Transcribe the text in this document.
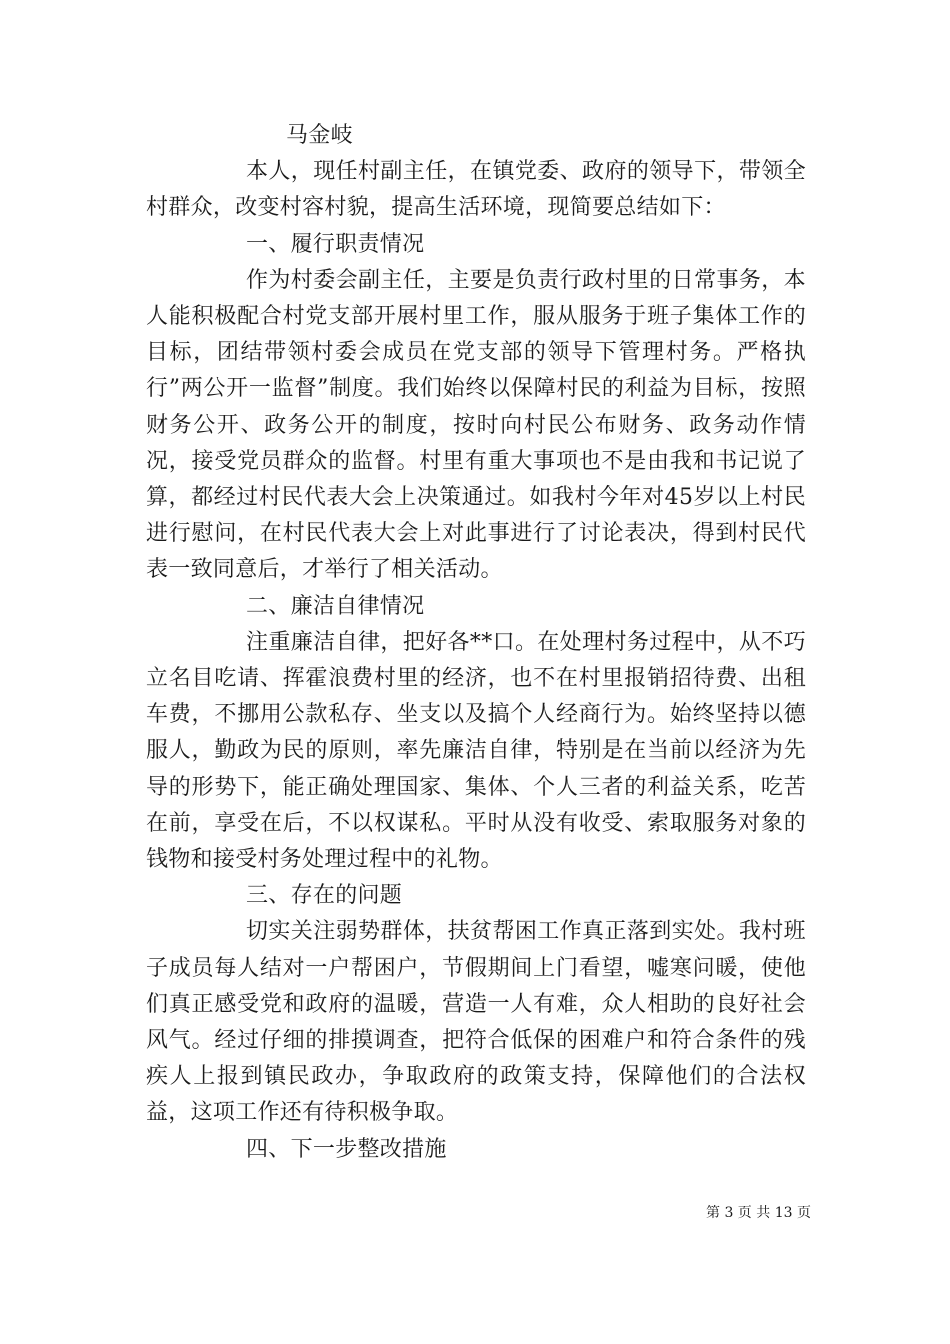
马金岐

本人，现任村副主任，在镇党委、政府的领导下，带领全村群众，改变村容村貌，提高生活环境，现简要总结如下：

一、履行职责情况

作为村委会副主任，主要是负责行政村里的日常事务，本人能积极配合村党支部开展村里工作，服从服务于班子集体工作的目标，团结带领村委会成员在党支部的领导下管理村务。严格执行”两公开一监督”制度。我们始终以保障村民的利益为目标，按照财务公开、政务公开的制度，按时向村民公布财务、政务动作情况，接受党员群众的监督。村里有重大事项也不是由我和书记说了算，都经过村民代表大会上决策通过。如我村今年对45岁以上村民进行慰问，在村民代表大会上对此事进行了讨论表决，得到村民代表一致同意后，才举行了相关活动。

二、廉洁自律情况

注重廉洁自律，把好各**口。在处理村务过程中，从不巧立名目吃请、挥霍浪费村里的经济，也不在村里报销招待费、出租车费，不挪用公款私存、坐支以及搞个人经商行为。始终坚持以德服人，勤政为民的原则，率先廉洁自律，特别是在当前以经济为先导的形势下，能正确处理国家、集体、个人三者的利益关系，吃苦在前，享受在后，不以权谋私。平时从没有收受、索取服务对象的钱物和接受村务处理过程中的礼物。

三、存在的问题

切实关注弱势群体，扶贫帮困工作真正落到实处。我村班子成员每人结对一户帮困户，节假期间上门看望，嘘寒问暖，使他们真正感受党和政府的温暖，营造一人有难，众人相助的良好社会风气。经过仔细的排摸调查，把符合低保的困难户和符合条件的残疾人上报到镇民政办，争取政府的政策支持，保障他们的合法权益，这项工作还有待积极争取。

四、下一步整改措施

第 3 页 共 13 页
